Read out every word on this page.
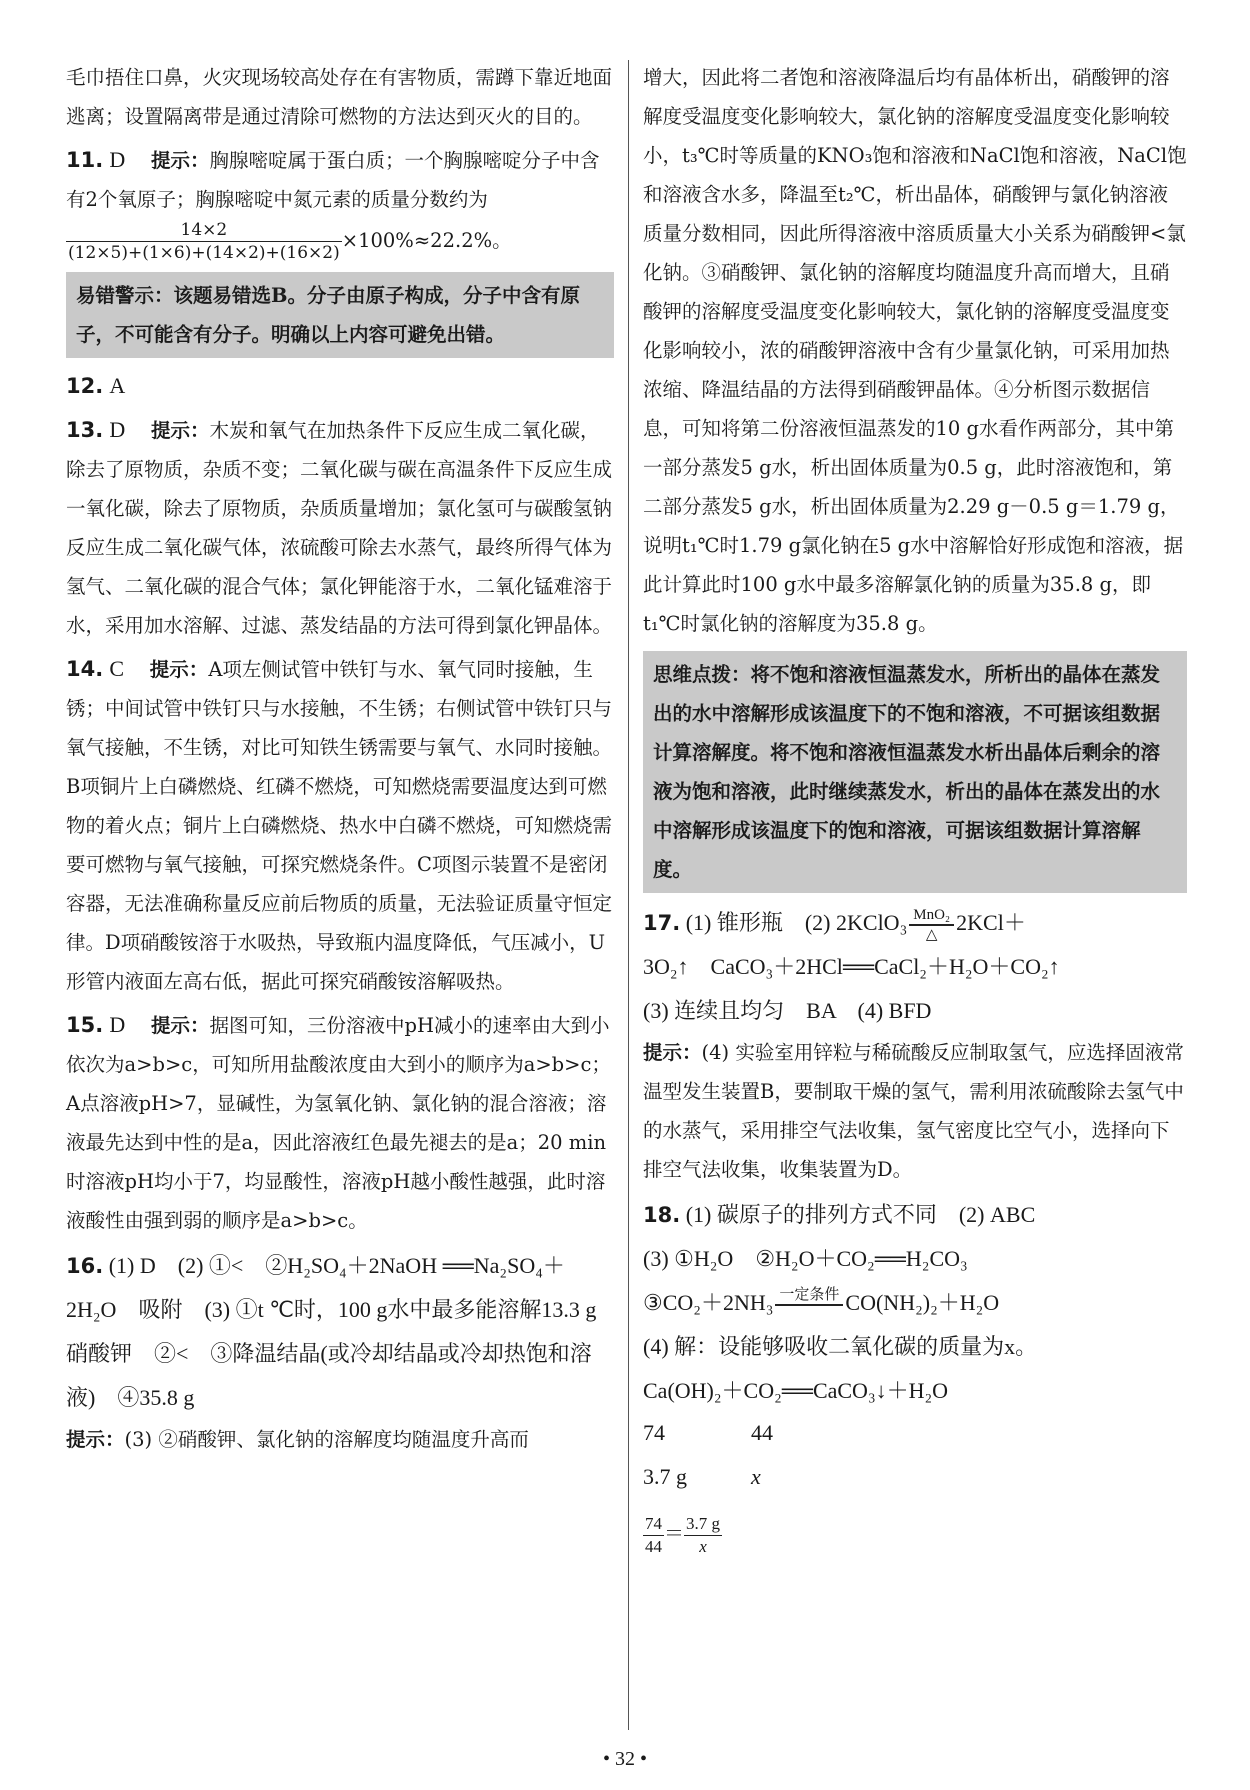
毛巾捂住口鼻，火灾现场较高处存在有害物质，需蹲下靠近地面逃离；设置隔离带是通过清除可燃物的方法达到灭火的目的。

11. D　 提示：胸腺嘧啶属于蛋白质；一个胸腺嘧啶分子中含有2个氧原子；胸腺嘧啶中氮元素的质量分数约为

$\frac{14\times 2}{(12\times 5)+(1\times 6)+(14\times 2)+(16\times 2)} \times 100\%\approx 22.2\%$。

易错警示：该题易错选B。分子由原子构成，分子中含有原子，不可能含有分子。明确以上内容可避免出错。

12. A

13. D　 提示：木炭和氧气在加热条件下反应生成二氧化碳，除去了原物质，杂质不变；二氧化碳与碳在高温条件下反应生成一氧化碳，除去了原物质，杂质质量增加；氯化氢可与碳酸氢钠反应生成二氧化碳气体，浓硫酸可除去水蒸气，最终所得气体为氢气、二氧化碳的混合气体；氯化钾能溶于水，二氧化锰难溶于水，采用加水溶解、过滤、蒸发结晶的方法可得到氯化钾晶体。

14. C　 提示：A项左侧试管中铁钉与水、氧气同时接触，生锈；中间试管中铁钉只与水接触，不生锈；右侧试管中铁钉只与氧气接触，不生锈，对比可知铁生锈需要与氧气、水同时接触。B项铜片上白磷燃烧、红磷不燃烧，可知燃烧需要温度达到可燃物的着火点；铜片上白磷燃烧、热水中白磷不燃烧，可知燃烧需要可燃物与氧气接触，可探究燃烧条件。C项图示装置不是密闭容器，无法准确称量反应前后物质的质量，无法验证质量守恒定律。D项硝酸铵溶于水吸热，导致瓶内温度降低，气压减小，U形管内液面左高右低，据此可探究硝酸铵溶解吸热。

15. D　 提示：据图可知，三份溶液中pH减小的速率由大到小依次为a>b>c，可知所用盐酸浓度由大到小的顺序为a>b>c；A点溶液pH>7，显碱性，为氢氧化钠、氯化钠的混合溶液；溶液最先达到中性的是a，因此溶液红色最先褪去的是a；20 min时溶液pH均小于7，均显酸性，溶液pH越小酸性越强，此时溶液酸性由强到弱的顺序是a>b>c。

16. (1) D　(2) ①<　②H₂SO₄＋2NaOH ══Na₂SO₄＋2H₂O　吸附　(3) ①t ℃时，100 g水中最多能溶解13.3 g硝酸钾　②<　③降温结晶(或冷却结晶或冷却热饱和溶液)　④35.8 g

提示：(3) ②硝酸钾、氯化钠的溶解度均随温度升高而

增大，因此将二者饱和溶液降温后均有晶体析出，硝酸钾的溶解度受温度变化影响较大，氯化钠的溶解度受温度变化影响较小，t₃℃时等质量的KNO₃饱和溶液和NaCl饱和溶液，NaCl饱和溶液含水多，降温至t₂℃，析出晶体，硝酸钾与氯化钠溶液质量分数相同，因此所得溶液中溶质质量大小关系为硝酸钾<氯化钠。③硝酸钾、氯化钠的溶解度均随温度升高而增大，且硝酸钾的溶解度受温度变化影响较大，氯化钠的溶解度受温度变化影响较小，浓的硝酸钾溶液中含有少量氯化钠，可采用加热浓缩、降温结晶的方法得到硝酸钾晶体。④分析图示数据信息，可知将第二份溶液恒温蒸发的10 g水看作两部分，其中第一部分蒸发5 g水，析出固体质量为0.5 g，此时溶液饱和，第二部分蒸发5 g水，析出固体质量为2.29 g－0.5 g＝1.79 g，说明t₁℃时1.79 g氯化钠在5 g水中溶解恰好形成饱和溶液，据此计算此时100 g水中最多溶解氯化钠的质量为35.8 g，即t₁℃时氯化钠的溶解度为35.8 g。

思维点拨：将不饱和溶液恒温蒸发水，所析出的晶体在蒸发出的水中溶解形成该温度下的不饱和溶液，不可据该组数据计算溶解度。将不饱和溶液恒温蒸发水析出晶体后剩余的溶液为饱和溶液，此时继续蒸发水，析出的晶体在蒸发出的水中溶解形成该温度下的饱和溶液，可据该组数据计算溶解度。

17. (1) 锥形瓶　(2) 2KClO₃ MnO₂
△ 2KCl＋

3O₂↑　CaCO₃＋2HCl══CaCl₂＋H₂O＋CO₂↑

(3) 连续且均匀　BA　(4) BFD

提示：(4) 实验室用锌粒与稀硫酸反应制取氢气，应选择固液常温型发生装置B，要制取干燥的氢气，需利用浓硫酸除去氢气中的水蒸气，采用排空气法收集，氢气密度比空气小，选择向下排空气法收集，收集装置为D。

18. (1) 碳原子的排列方式不同　(2) ABC

(3) ①H₂O　②H₂O＋CO₂══H₂CO₃

③CO₂＋2NH₃ 一定条件
CO(NH₂)₂＋H₂O

(4) 解：设能够吸收二氧化碳的质量为x。

Ca(OH)₂＋CO₂══CaCO₃↓＋H₂O

74	44
3.7 g	x

$\frac{74}{44} = \frac{3.7 g}{x}$

• 32 •
